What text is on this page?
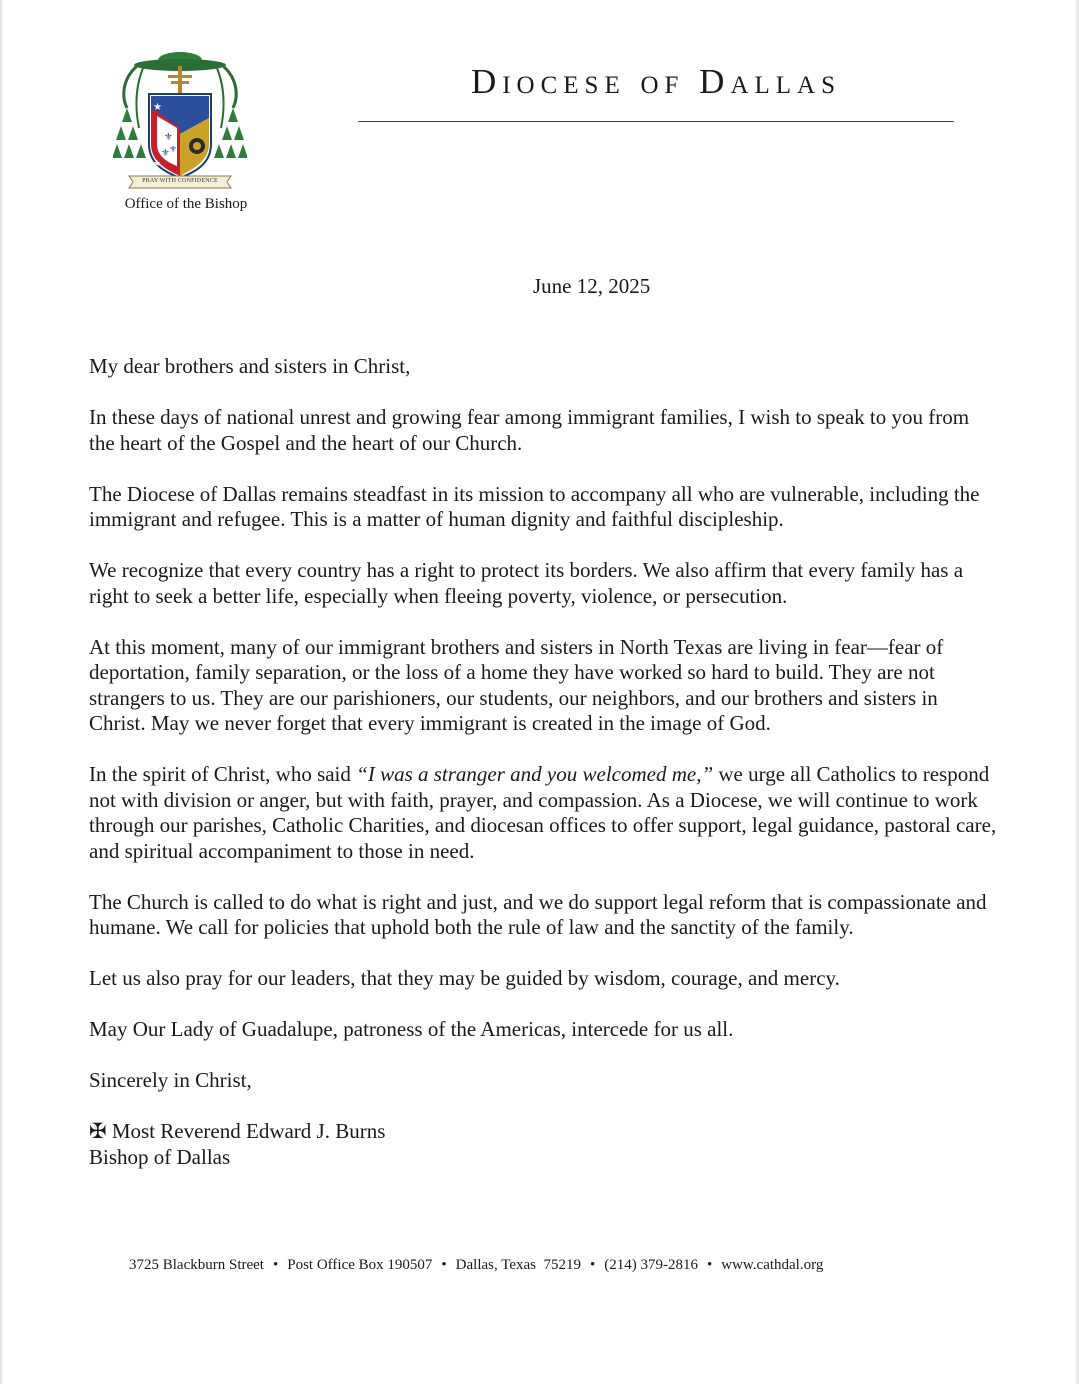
⚜
⚜ ⚜
★
★
PRAY WITH CONFIDENCE
Office of the Bishop
Diocese of Dallas
June 12, 2025

My dear brothers and sisters in Christ,

In these days of national unrest and growing fear among immigrant families, I wish to speak to you from the heart of the Gospel and the heart of our Church.

The Diocese of Dallas remains steadfast in its mission to accompany all who are vulnerable, including the immigrant and refugee. This is a matter of human dignity and faithful discipleship.

We recognize that every country has a right to protect its borders. We also affirm that every family has a right to seek a better life, especially when fleeing poverty, violence, or persecution.

At this moment, many of our immigrant brothers and sisters in North Texas are living in fear—fear of deportation, family separation, or the loss of a home they have worked so hard to build. They are not strangers to us. They are our parishioners, our students, our neighbors, and our brothers and sisters in Christ. May we never forget that every immigrant is created in the image of God.

In the spirit of Christ, who said “I was a stranger and you welcomed me,” we urge all Catholics to respond not with division or anger, but with faith, prayer, and compassion. As a Diocese, we will continue to work through our parishes, Catholic Charities, and diocesan offices to offer support, legal guidance, pastoral care, and spiritual accompaniment to those in need.

The Church is called to do what is right and just, and we do support legal reform that is compassionate and humane. We call for policies that uphold both the rule of law and the sanctity of the family.

Let us also pray for our leaders, that they may be guided by wisdom, courage, and mercy.

May Our Lady of Guadalupe, patroness of the Americas, intercede for us all.

Sincerely in Christ,

✠ Most Reverend Edward J. Burns

Bishop of Dallas

3725 Blackburn Street • Post Office Box 190507 • Dallas, Texas  75219 • (214) 379-2816 • www.cathdal.org
